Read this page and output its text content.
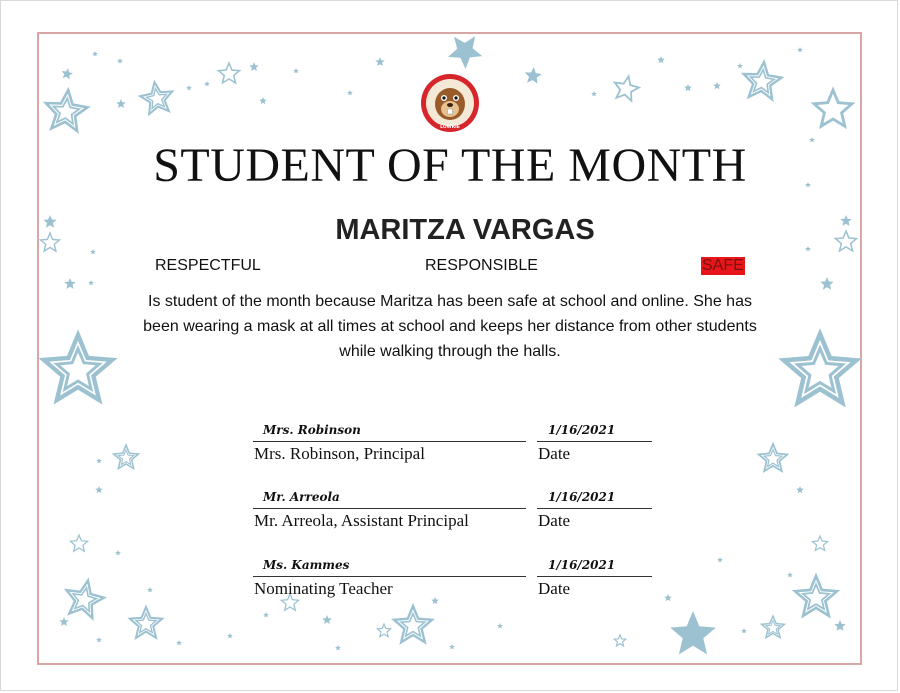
LOWRIE
STUDENT OF THE MONTH
MARITZA VARGAS
RESPECTFUL	RESPONSIBLE	SAFE
Is student of the month because Maritza has been safe at school and online. She has been wearing a mask at all times at school and keeps her distance from other students while walking through the halls.
Mrs. Robinson
Mrs. Robinson, Principal
1/16/2021
Date
Mr. Arreola
Mr. Arreola, Assistant Principal
1/16/2021
Date
Ms. Kammes
Nominating Teacher
1/16/2021
Date
